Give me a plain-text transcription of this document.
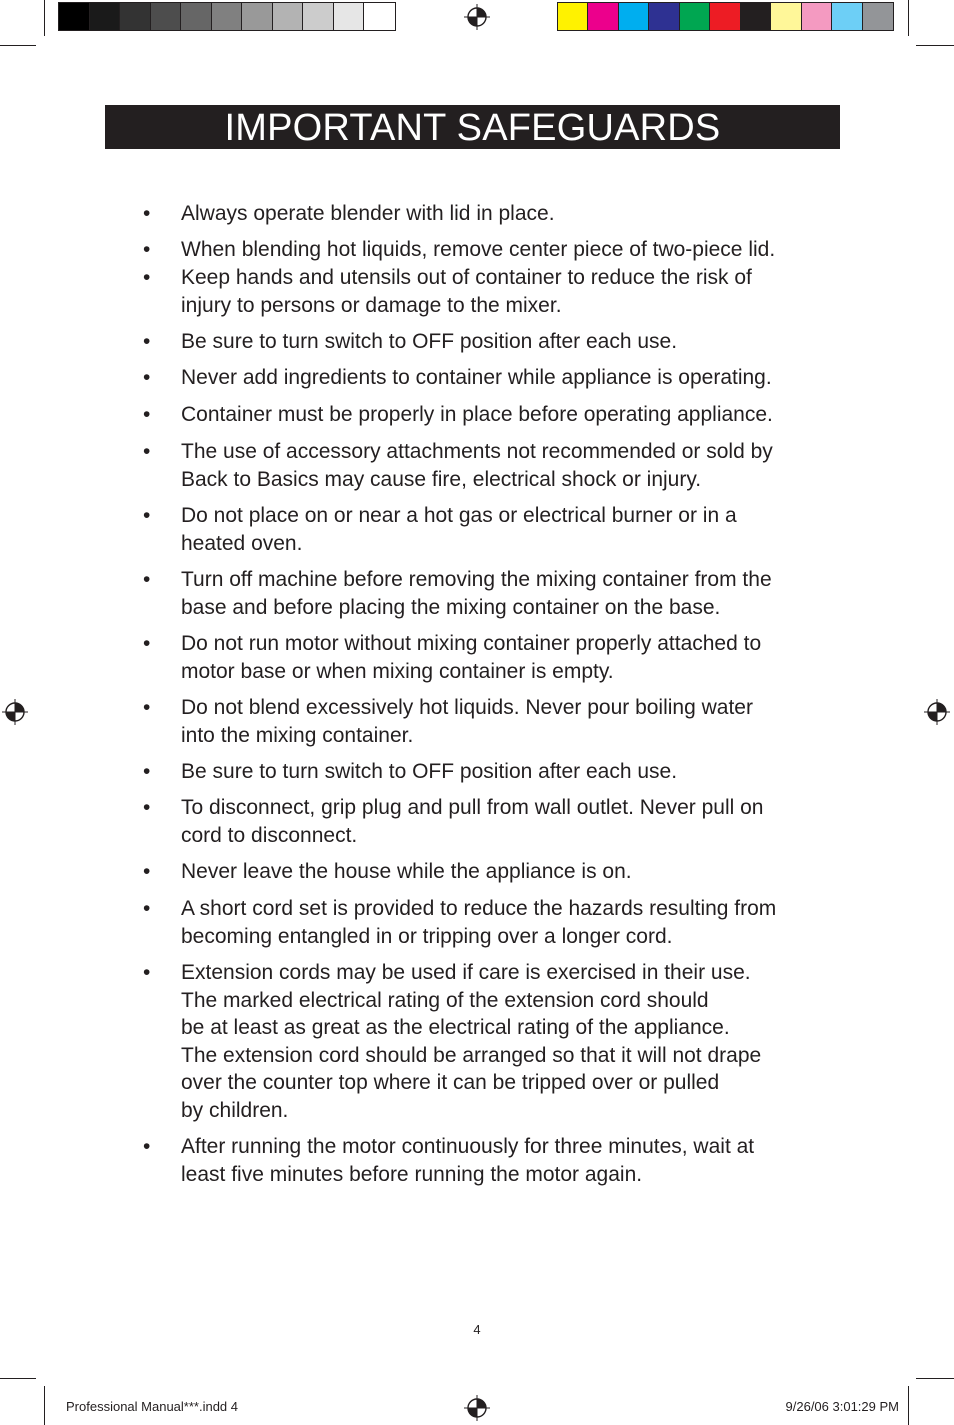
IMPORTANT SAFEGUARDS
• Always operate blender with lid in place.
• When blending hot liquids, remove center piece of two-piece lid.
• Keep hands and utensils out of container to reduce the risk of
injury to persons or damage to the mixer.
• Be sure to turn switch to OFF position after each use.
• Never add ingredients to container while appliance is operating.
• Container must be properly in place before operating appliance.
• The use of accessory attachments not recommended or sold by
Back to Basics may cause fire, electrical shock or injury.
• Do not place on or near a hot gas or electrical burner or in a
heated oven.
• Turn off machine before removing the mixing container from the
base and before placing the mixing container on the base.
• Do not run motor without mixing container properly attached to
motor base or when mixing container is empty.
• Do not blend excessively hot liquids. Never pour boiling water
into the mixing container.
• Be sure to turn switch to OFF position after each use.
• To disconnect, grip plug and pull from wall outlet. Never pull on
cord to disconnect.
• Never leave the house while the appliance is on.
• A short cord set is provided to reduce the hazards resulting from
becoming entangled in or tripping over a longer cord.
• Extension cords may be used if care is exercised in their use.
The marked electrical rating of the extension cord should
be at least as great as the electrical rating of the appliance.
The extension cord should be arranged so that it will not drape
over the counter top where it can be tripped over or pulled
by children.
• After running the motor continuously for three minutes, wait at
least five minutes before running the motor again.
4
Professional Manual***.indd 4	9/26/06 3:01:29 PM
